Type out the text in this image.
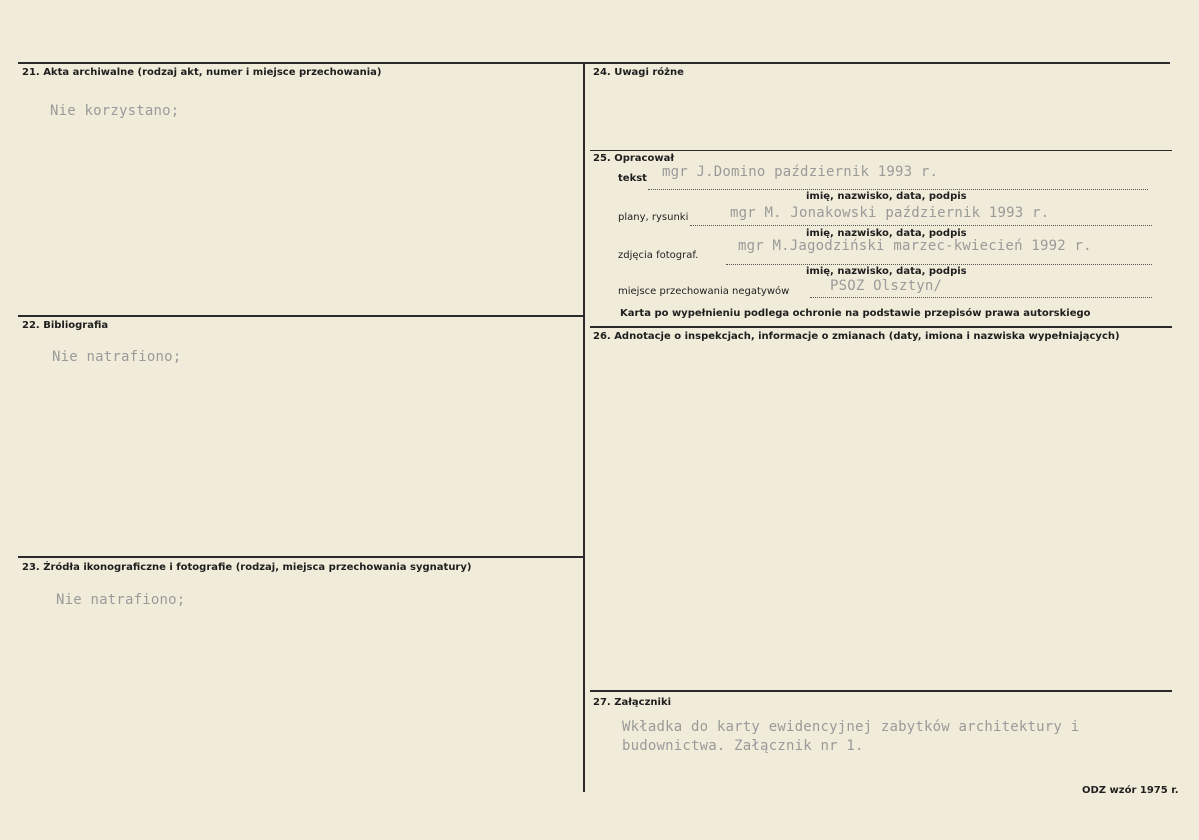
21. Akta archiwalne (rodzaj akt, numer i miejsce przechowania)
Nie korzystano;
22. Bibliografia
Nie natrafiono;
23. Źródła ikonograficzne i fotografie (rodzaj, miejsca przechowania sygnatury)
Nie natrafiono;
24. Uwagi różne
25. Opracował
tekst mgr J.Domino październik 1993 r.
imię, nazwisko, data, podpis
plany, rysunki	mgr M. Jonakowski październik 1993 r.
imię, nazwisko, data, podpis
zdjęcia fotograf.
mgr M.Jagodziński marzec-kwiecień 1992 r.
imię, nazwisko, data, podpis
miejsce przechowania negatywów	PSOZ Olsztyn/
Karta po wypełnieniu podlega ochronie na podstawie przepisów prawa autorskiego
26. Adnotacje o inspekcjach, informacje o zmianach (daty, imiona i nazwiska wypełniających)
27. Załączniki
Wkładka do karty ewidencyjnej zabytków architektury i budownictwa. Załącznik nr 1.
ODZ wzór 1975 r.
